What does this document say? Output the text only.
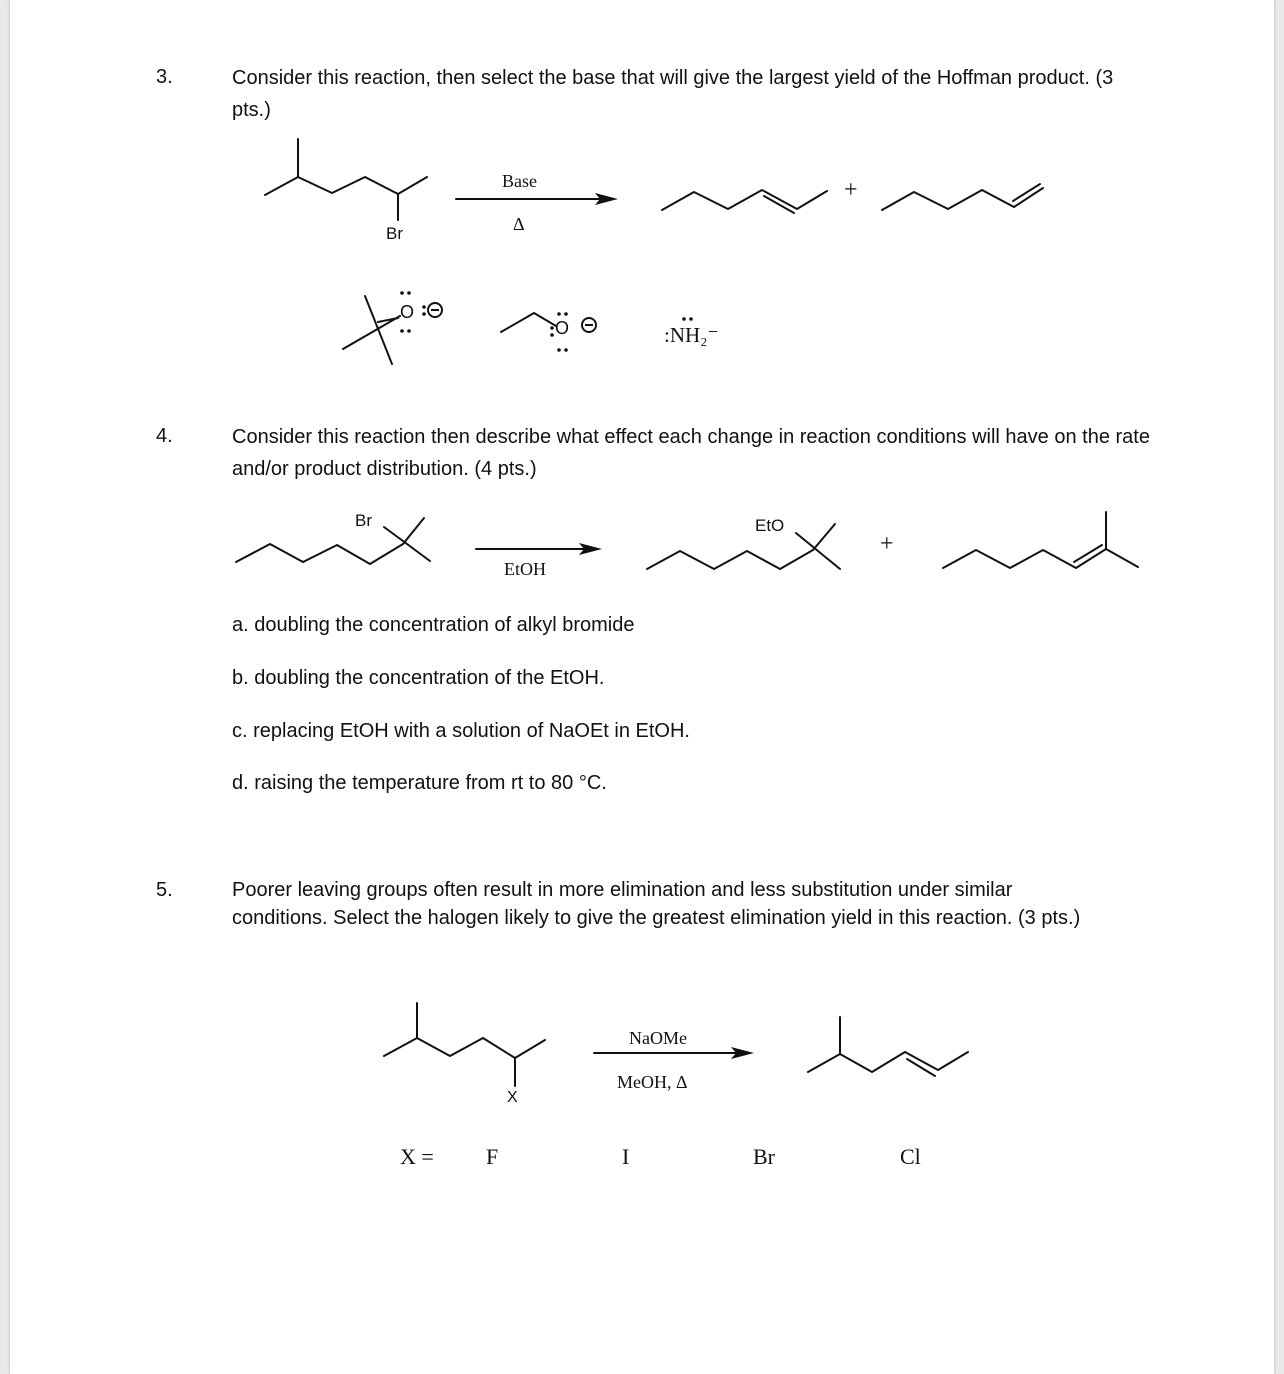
3.	Consider this reaction, then select the base that will give the largest yield of the Hoffman product. (3 pts.)
Br
Base
Δ
+
O
O	:NH₂⁻
4.	Consider this reaction then describe what effect each change in reaction conditions will have on the rate and/or product distribution. (4 pts.)
Br
EtOH
EtO
+
a. doubling the concentration of alkyl bromide
b. doubling the concentration of the EtOH.
c. replacing EtOH with a solution of NaOEt in EtOH.
d. raising the temperature from rt to 80 °C.
5.	Poorer leaving groups often result in more elimination and less substitution under similar conditions. Select the halogen likely to give the greatest elimination yield in this reaction. (3 pts.)
X
NaOMe
MeOH, Δ
X = F	I	Br	Cl
